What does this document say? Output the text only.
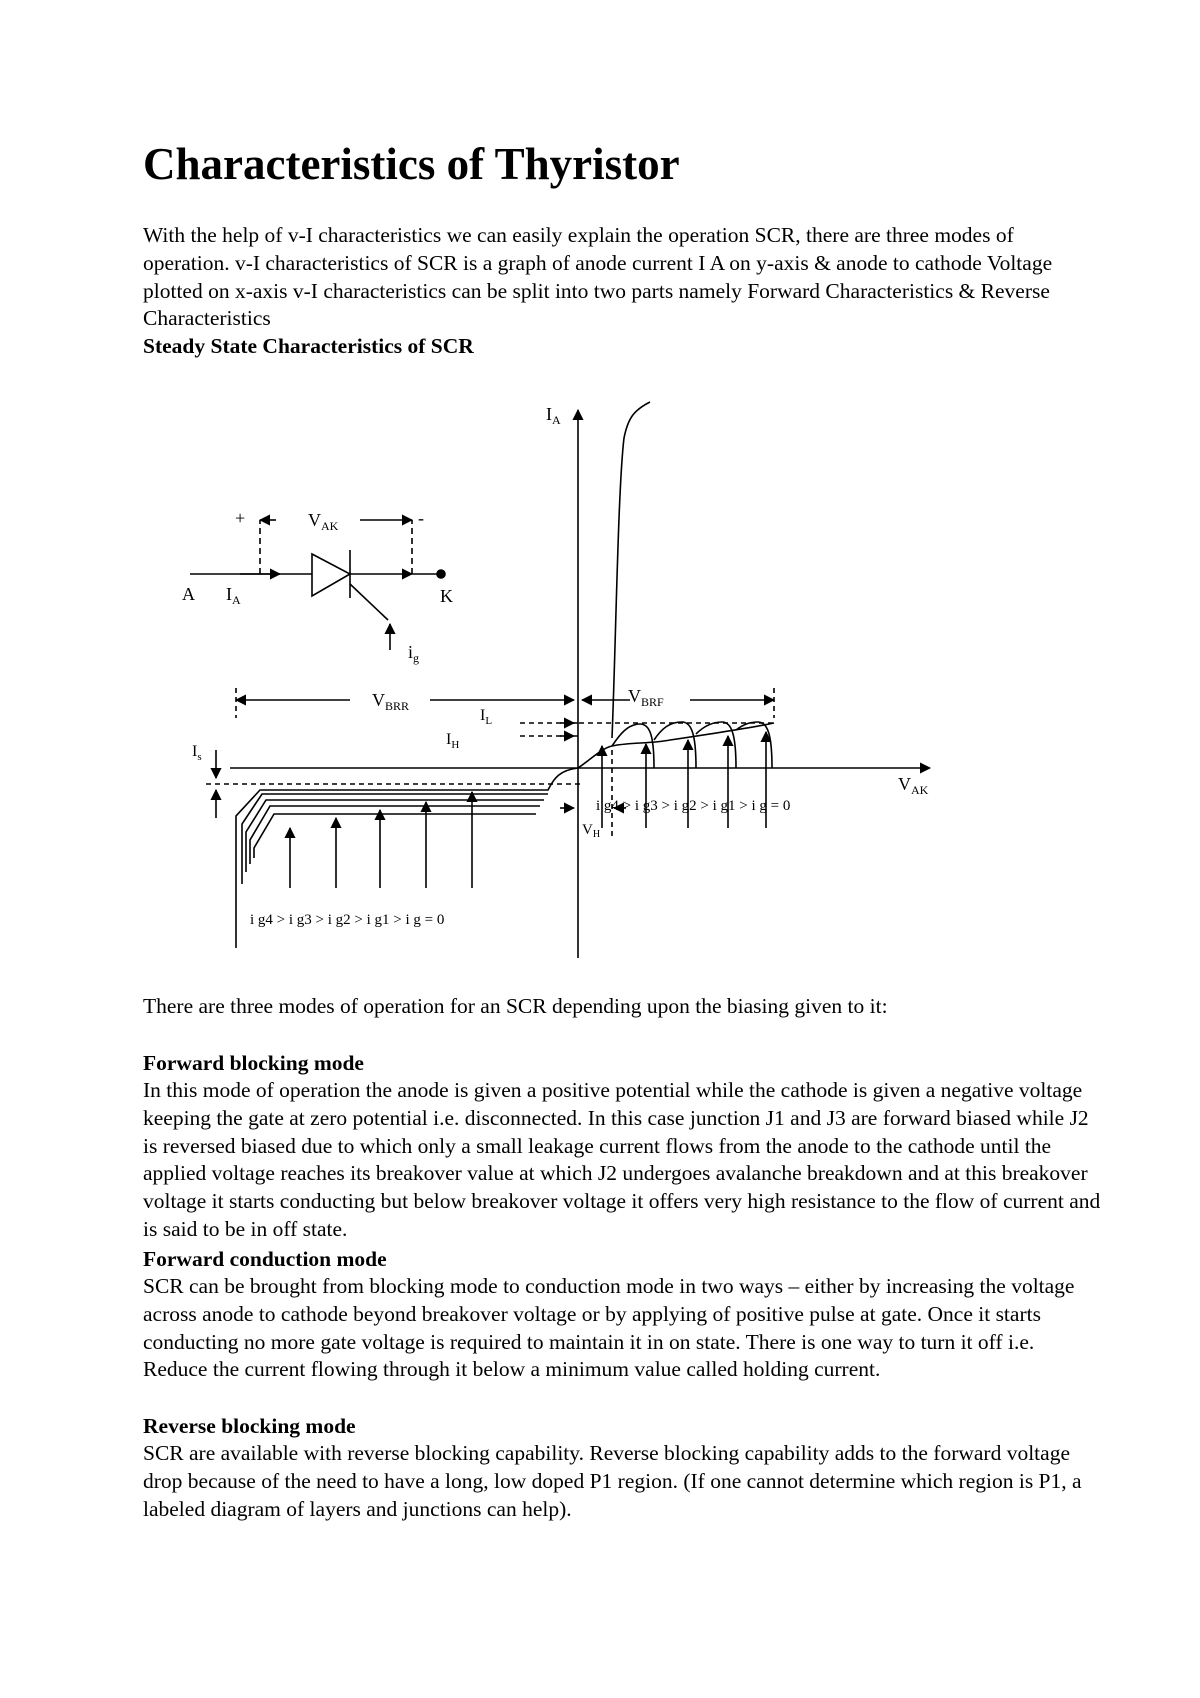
Characteristics of Thyristor

With the help of v-I characteristics we can easily explain the operation SCR, there are three modes of operation. v-I characteristics of SCR is a graph of anode current I A on y-axis & anode to cathode Voltage plotted on x-axis v-I characteristics can be split into two parts namely Forward Characteristics & Reverse Characteristics

Steady State Characteristics of SCR

There are three modes of operation for an SCR depending upon the biasing given to it:

Forward blocking mode

In this mode of operation the anode is given a positive potential while the cathode is given a negative voltage keeping the gate at zero potential i.e. disconnected. In this case junction J1 and J3 are forward biased while J2 is reversed biased due to which only a small leakage current flows from the anode to the cathode until the applied voltage reaches its breakover value at which J2 undergoes avalanche breakdown and at this breakover voltage it starts conducting but below breakover voltage it offers very high resistance to the flow of current and is said to be in off state.

Forward conduction mode

SCR can be brought from blocking mode to conduction mode in two ways – either by increasing the voltage across anode to cathode beyond breakover voltage or by applying of positive pulse at gate. Once it starts conducting no more gate voltage is required to maintain it in on state. There is one way to turn it off i.e. Reduce the current flowing through it below a minimum value called holding current.

Reverse blocking mode

SCR are available with reverse blocking capability. Reverse blocking capability adds to the forward voltage drop because of the need to have a long, low doped P1 region. (If one cannot determine which region is P1, a labeled diagram of layers and junctions can help).

$I_A$
$V_{AK}$
+	-
$V_{AK}$
A $I_A$	K
$i_g$
$V_{BRR}$	$V_{BRF}$
$I_L$
$I_H$
i g4 > i g3 > i g2 > i g1 > i g = 0
$V_H$
$I_s$
i g4 > i g3 > i g2 > i g1 > i g = 0
